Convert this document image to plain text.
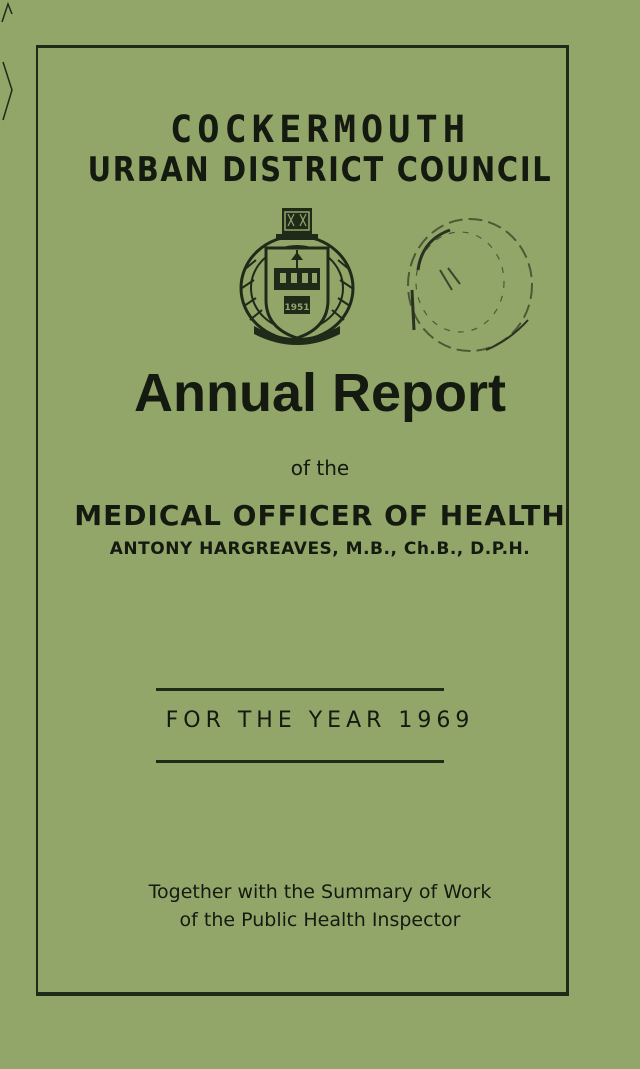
COCKERMOUTH
URBAN DISTRICT COUNCIL
1951
Annual Report

of the

MEDICAL OFFICER OF HEALTH

ANTONY HARGREAVES, M.B., Ch.B., D.P.H.

FOR THE YEAR 1969

Together with the Summary of Work

of the Public Health Inspector
